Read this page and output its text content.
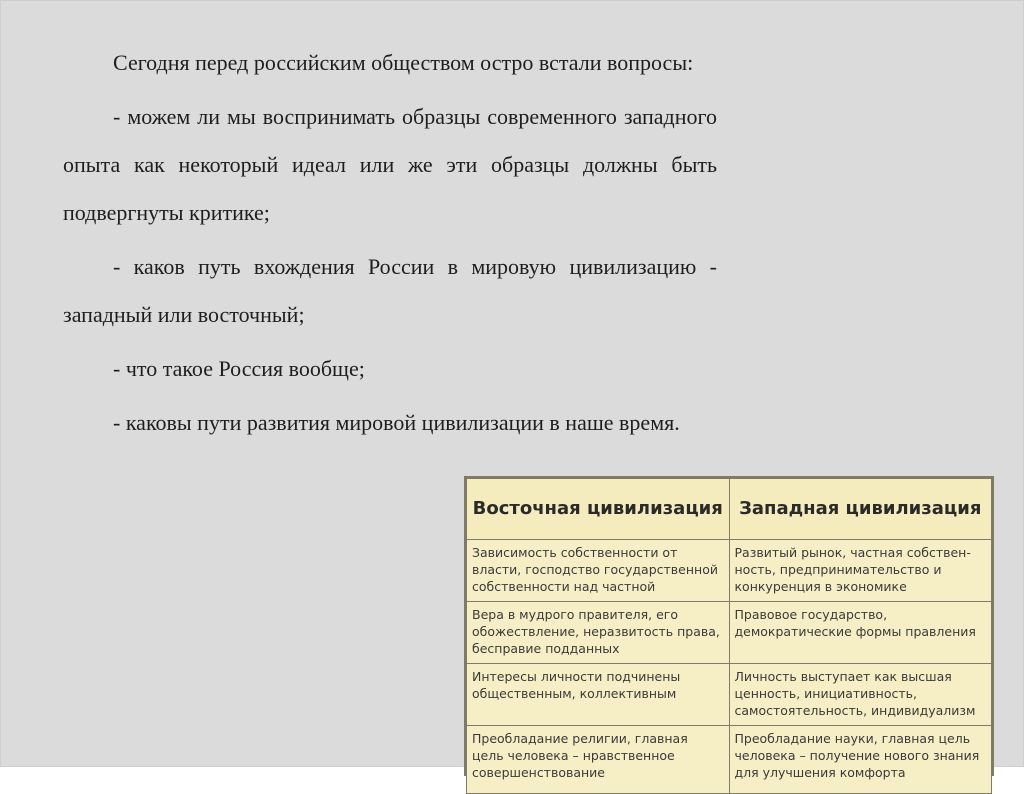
Сегодня перед российским обществом остро встали вопросы:

- можем ли мы воспринимать образцы современного западного опыта как некоторый идеал или же эти образцы должны быть подвергнуты критике;

- каков путь вхождения России в мировую цивилизацию - западный или восточный;

- что такое Россия вообще;

- каковы пути развития мировой цивилизации в наше время.

Восточная цивилизация	Западная цивилизация
Зависимость собственности от власти, господство государственной собственности над частной	Развитый рынок, частная собствен-ность, предпринимательство и конкуренция в экономике
Вера в мудрого правителя, его обожествление, неразвитость права, бесправие подданных	Правовое государство, демократические формы правления
Интересы личности подчинены общественным, коллективным	Личность выступает как высшая ценность, инициативность, самостоятельность, индивидуализм
Преобладание религии, главная цель человека – нравственное совершенствование	Преобладание науки, главная цель человека – получение нового знания для улучшения комфорта
